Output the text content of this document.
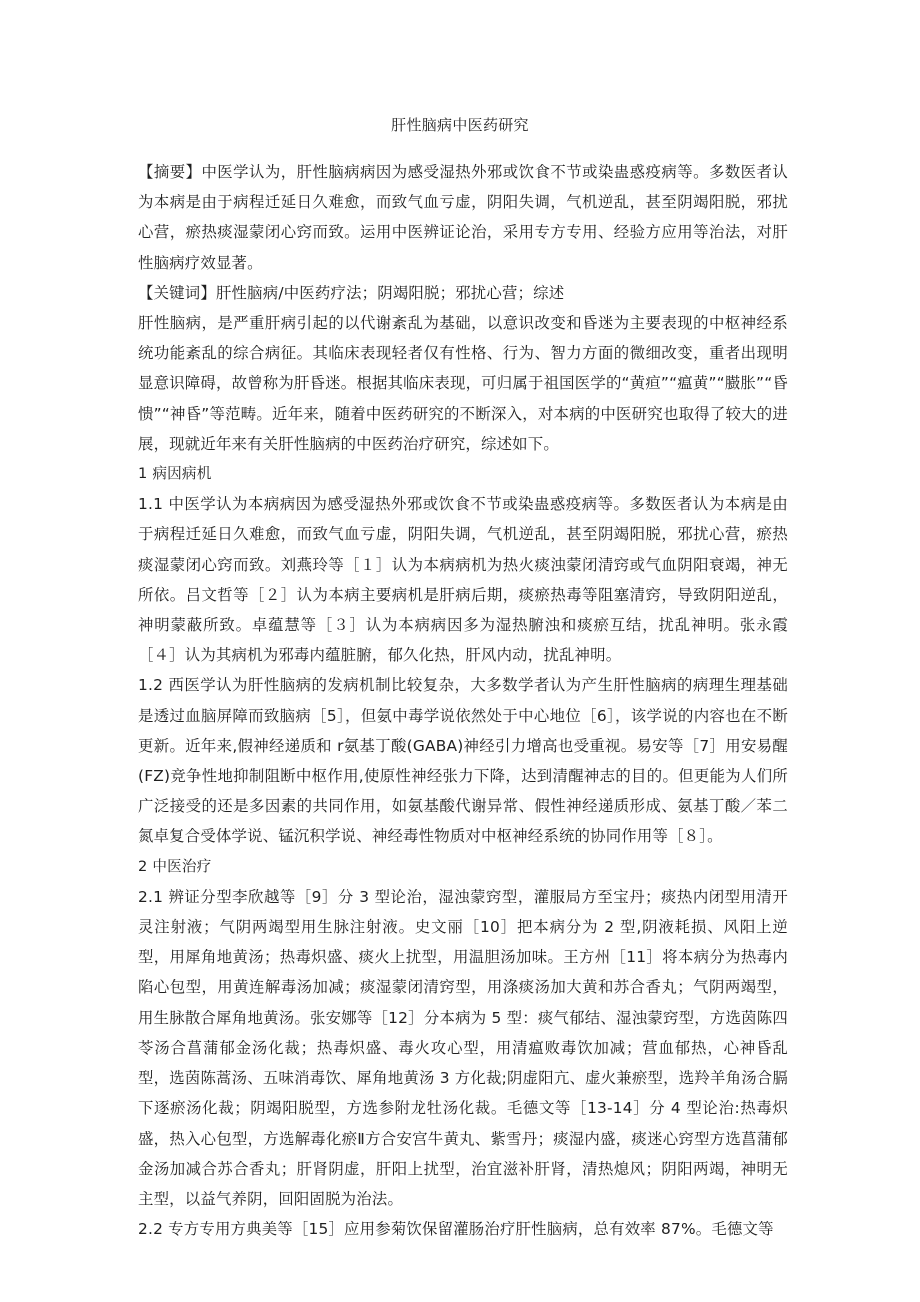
肝性脑病中医药研究

【摘要】中医学认为，肝性脑病病因为感受湿热外邪或饮食不节或染蛊惑疫病等。多数医者认为本病是由于病程迁延日久难愈，而致气血亏虚，阴阳失调，气机逆乱，甚至阴竭阳脱，邪扰心营，瘀热痰湿蒙闭心窍而致。运用中医辨证论治，采用专方专用、经验方应用等治法，对肝性脑病疗效显著。

【关键词】肝性脑病/中医药疗法；阴竭阳脱；邪扰心营；综述

肝性脑病，是严重肝病引起的以代谢紊乱为基础，以意识改变和昏迷为主要表现的中枢神经系统功能紊乱的综合病征。其临床表现轻者仅有性格、行为、智力方面的微细改变，重者出现明显意识障碍，故曾称为肝昏迷。根据其临床表现，可归属于祖国医学的“黄疸”“瘟黄”“臌胀”“昏愦”“神昏”等范畴。近年来，随着中医药研究的不断深入，对本病的中医研究也取得了较大的进展，现就近年来有关肝性脑病的中医药治疗研究，综述如下。

1 病因病机

1.1 中医学认为本病病因为感受湿热外邪或饮食不节或染蛊惑疫病等。多数医者认为本病是由于病程迁延日久难愈，而致气血亏虚，阴阳失调，气机逆乱，甚至阴竭阳脱，邪扰心营，瘀热痰湿蒙闭心窍而致。刘燕玲等［１］认为本病病机为热火痰浊蒙闭清窍或气血阴阳衰竭，神无所依。吕文哲等［２］认为本病主要病机是肝病后期，痰瘀热毒等阻塞清窍，导致阴阳逆乱，神明蒙蔽所致。卓蕴慧等［３］认为本病病因多为湿热腑浊和痰瘀互结，扰乱神明。张永霞［４］认为其病机为邪毒内蕴脏腑，郁久化热，肝风内动，扰乱神明。

1.2 西医学认为肝性脑病的发病机制比较复杂，大多数学者认为产生肝性脑病的病理生理基础是透过血脑屏障而致脑病［5］，但氨中毒学说依然处于中心地位［6］，该学说的内容也在不断更新。近年来,假神经递质和 r氨基丁酸(GABA)神经引力增高也受重视。易安等［7］用安易醒(FZ)竞争性地抑制阻断中枢作用,使原性神经张力下降，达到清醒神志的目的。但更能为人们所广泛接受的还是多因素的共同作用，如氨基酸代谢异常、假性神经递质形成、氨基丁酸／苯二氮卓复合受体学说、锰沉积学说、神经毒性物质对中枢神经系统的协同作用等［８］。

2 中医治疗

2.1 辨证分型李欣越等［9］分 3 型论治，湿浊蒙窍型，灌服局方至宝丹；痰热内闭型用清开灵注射液；气阴两竭型用生脉注射液。史文丽［10］把本病分为 2 型,阴液耗损、风阳上逆型，用犀角地黄汤；热毒炽盛、痰火上扰型，用温胆汤加味。王方州［11］将本病分为热毒内陷心包型，用黄连解毒汤加减；痰湿蒙闭清窍型，用涤痰汤加大黄和苏合香丸；气阴两竭型，用生脉散合犀角地黄汤。张安娜等［12］分本病为 5 型：痰气郁结、湿浊蒙窍型，方选茵陈四苓汤合菖蒲郁金汤化裁；热毒炽盛、毒火攻心型，用清瘟败毒饮加减；营血郁热，心神昏乱型，选茵陈蒿汤、五味消毒饮、犀角地黄汤 3 方化裁;阴虚阳亢、虚火兼瘀型，选羚羊角汤合膈下逐瘀汤化裁；阴竭阳脱型，方选参附龙牡汤化裁。毛德文等［13‐14］分 4 型论治:热毒炽盛，热入心包型，方选解毒化瘀Ⅱ方合安宫牛黄丸、紫雪丹；痰湿内盛，痰迷心窍型方选菖蒲郁金汤加减合苏合香丸；肝肾阴虚，肝阳上扰型，治宜滋补肝肾，清热熄风；阴阳两竭，神明无主型，以益气养阴，回阳固脱为治法。

2.2 专方专用方典美等［15］应用参菊饮保留灌肠治疗肝性脑病，总有效率 87%。毛德文等
